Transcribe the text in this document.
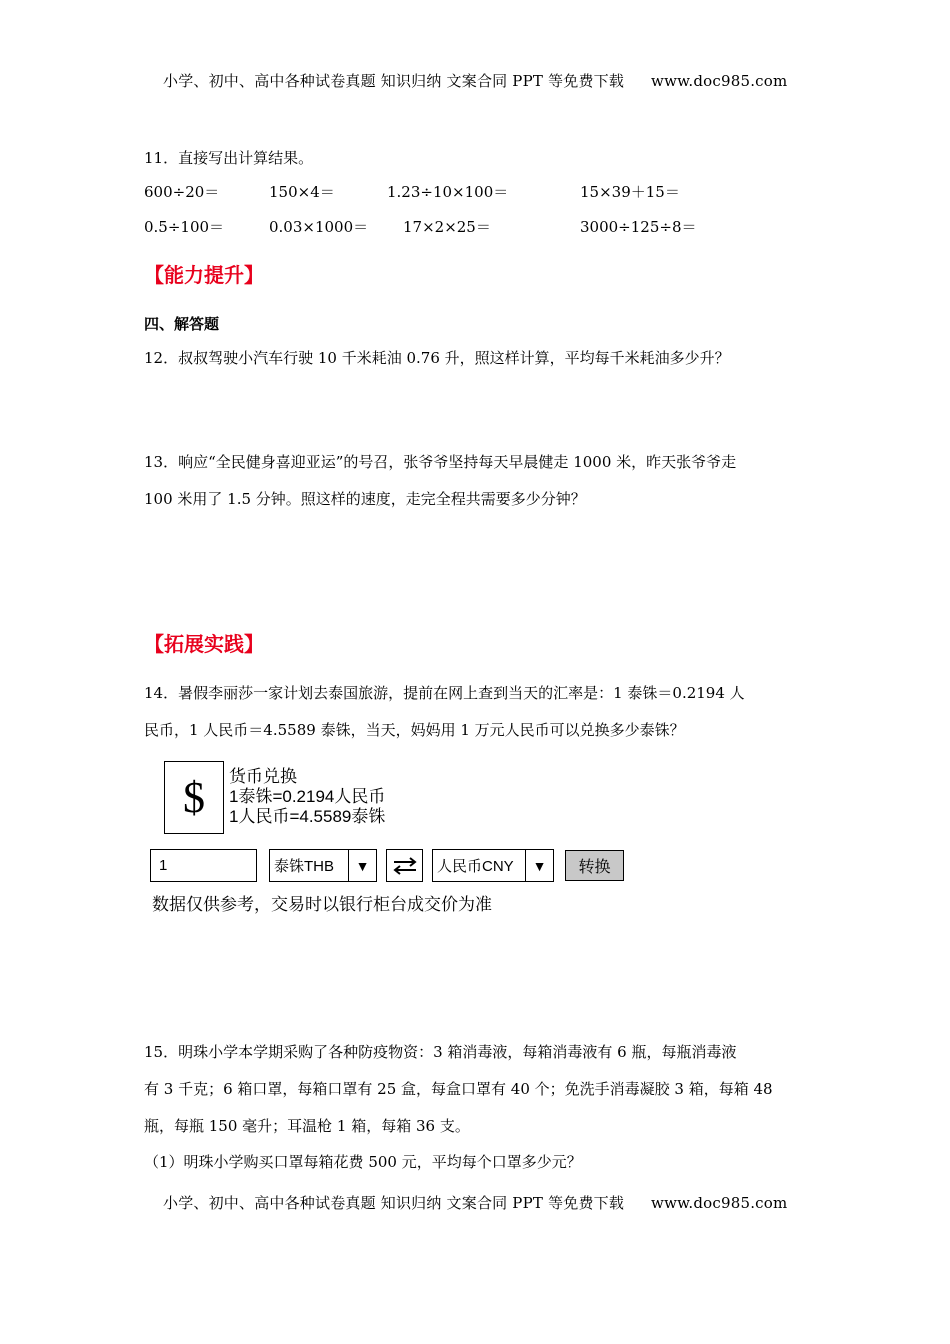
小学、初中、高中各种试卷真题 知识归纳 文案合同 PPT 等免费下载 www.doc985.com
11．直接写出计算结果。
600÷20＝	150×4＝	1.23÷10×100＝	15×39＋15＝
0.5÷100＝	0.03×1000＝ 17×2×25＝	3000÷125÷8＝
【能力提升】
四、解答题
12．叔叔驾驶小汽车行驶 10 千米耗油 0.76 升，照这样计算，平均每千米耗油多少升？
13．响应“全民健身喜迎亚运”的号召，张爷爷坚持每天早晨健走 1000 米，昨天张爷爷走
100 米用了 1.5 分钟。照这样的速度，走完全程共需要多少分钟？
【拓展实践】
14．暑假李丽莎一家计划去泰国旅游，提前在网上查到当天的汇率是：1 泰铢＝0.2194 人
民币，1 人民币＝4.5589 泰铢，当天，妈妈用 1 万元人民币可以兑换多少泰铢？
$ 货币兑换
1泰铢=0.2194人民币
1人民币=4.5589泰铢
1	泰铢THB	▼	人民币CNY	▼	转换
数据仅供参考，交易时以银行柜台成交价为准
15．明珠小学本学期采购了各种防疫物资：3 箱消毒液，每箱消毒液有 6 瓶，每瓶消毒液
有 3 千克；6 箱口罩，每箱口罩有 25 盒，每盒口罩有 40 个；免洗手消毒凝胶 3 箱，每箱 48
瓶，每瓶 150 毫升；耳温枪 1 箱，每箱 36 支。
（1）明珠小学购买口罩每箱花费 500 元，平均每个口罩多少元？
小学、初中、高中各种试卷真题 知识归纳 文案合同 PPT 等免费下载 www.doc985.com
